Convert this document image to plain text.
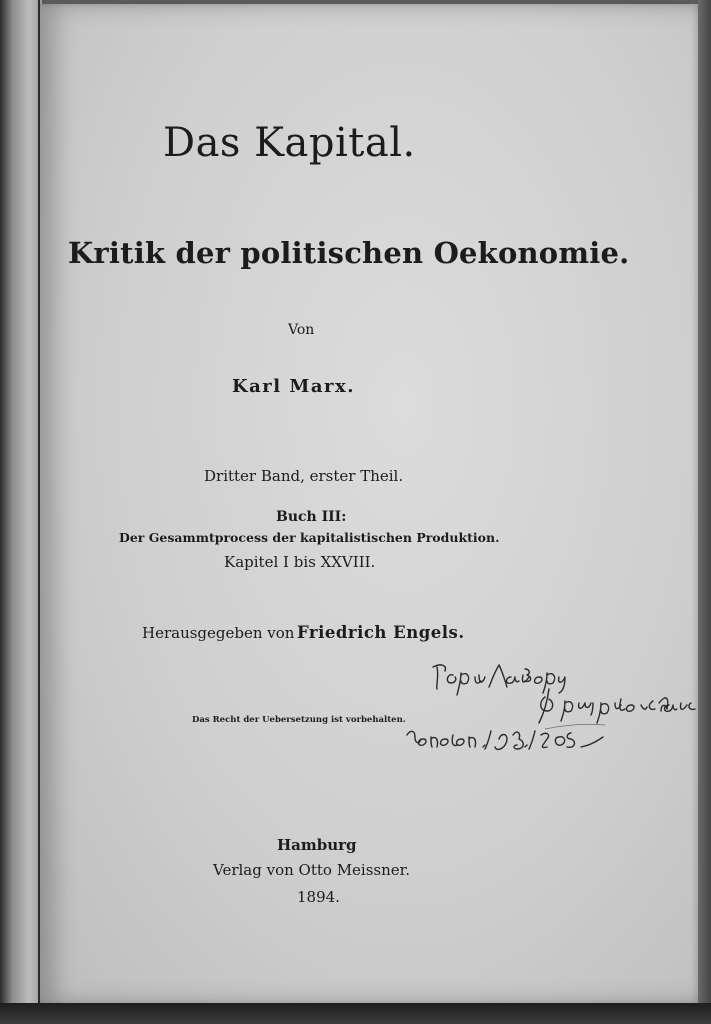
Das Kapital.
Kritik der politischen Oekonomie.
Von
Karl Marx.
Dritter Band, erster Theil.
Buch III:
Der Gesammtprocess der kapitalistischen Produktion.
Kapitel I bis XXVIII.
Herausgegeben von Friedrich Engels.
Das Recht der Uebersetzung ist vorbehalten.
Hamburg
Verlag von Otto Meissner.
1894.
